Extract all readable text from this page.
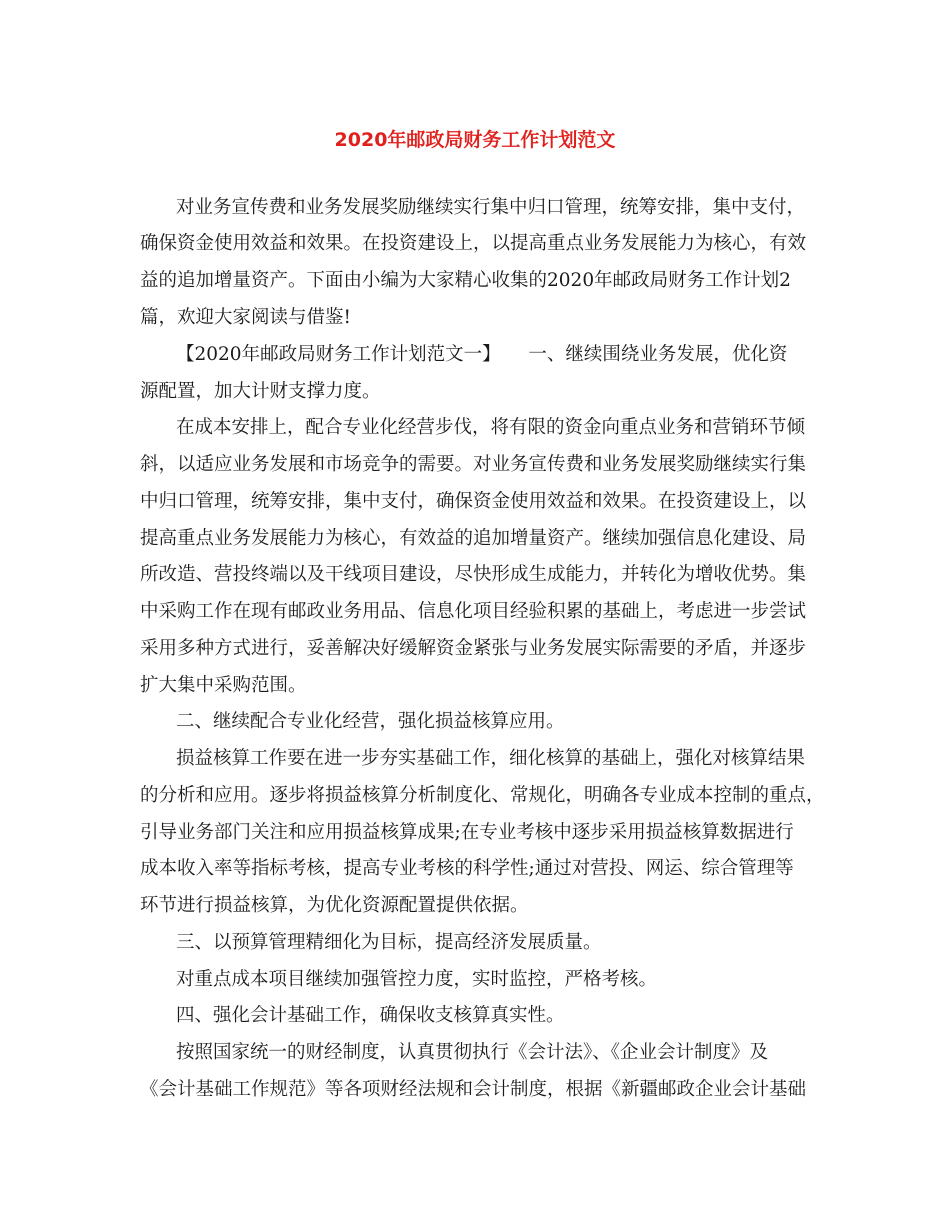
2020年邮政局财务工作计划范文
对业务宣传费和业务发展奖励继续实行集中归口管理，统筹安排，集中支付，
确保资金使用效益和效果。在投资建设上，以提高重点业务发展能力为核心，有效
益的追加增量资产。下面由小编为大家精心收集的2020年邮政局财务工作计划2
篇，欢迎大家阅读与借鉴!
【2020年邮政局财务工作计划范文一】　　一、继续围绕业务发展，优化资
源配置，加大计财支撑力度。
在成本安排上，配合专业化经营步伐，将有限的资金向重点业务和营销环节倾
斜，以适应业务发展和市场竞争的需要。对业务宣传费和业务发展奖励继续实行集
中归口管理，统筹安排，集中支付，确保资金使用效益和效果。在投资建设上，以
提高重点业务发展能力为核心，有效益的追加增量资产。继续加强信息化建设、局
所改造、营投终端以及干线项目建设，尽快形成生成能力，并转化为增收优势。集
中采购工作在现有邮政业务用品、信息化项目经验积累的基础上，考虑进一步尝试
采用多种方式进行，妥善解决好缓解资金紧张与业务发展实际需要的矛盾，并逐步
扩大集中采购范围。
二、继续配合专业化经营，强化损益核算应用。
损益核算工作要在进一步夯实基础工作，细化核算的基础上，强化对核算结果
的分析和应用。逐步将损益核算分析制度化、常规化，明确各专业成本控制的重点，
引导业务部门关注和应用损益核算成果;在专业考核中逐步采用损益核算数据进行
成本收入率等指标考核，提高专业考核的科学性;通过对营投、网运、综合管理等
环节进行损益核算，为优化资源配置提供依据。
三、以预算管理精细化为目标，提高经济发展质量。
对重点成本项目继续加强管控力度，实时监控，严格考核。
四、强化会计基础工作，确保收支核算真实性。
按照国家统一的财经制度，认真贯彻执行《会计法》、《企业会计制度》及
《会计基础工作规范》等各项财经法规和会计制度，根据《新疆邮政企业会计基础
